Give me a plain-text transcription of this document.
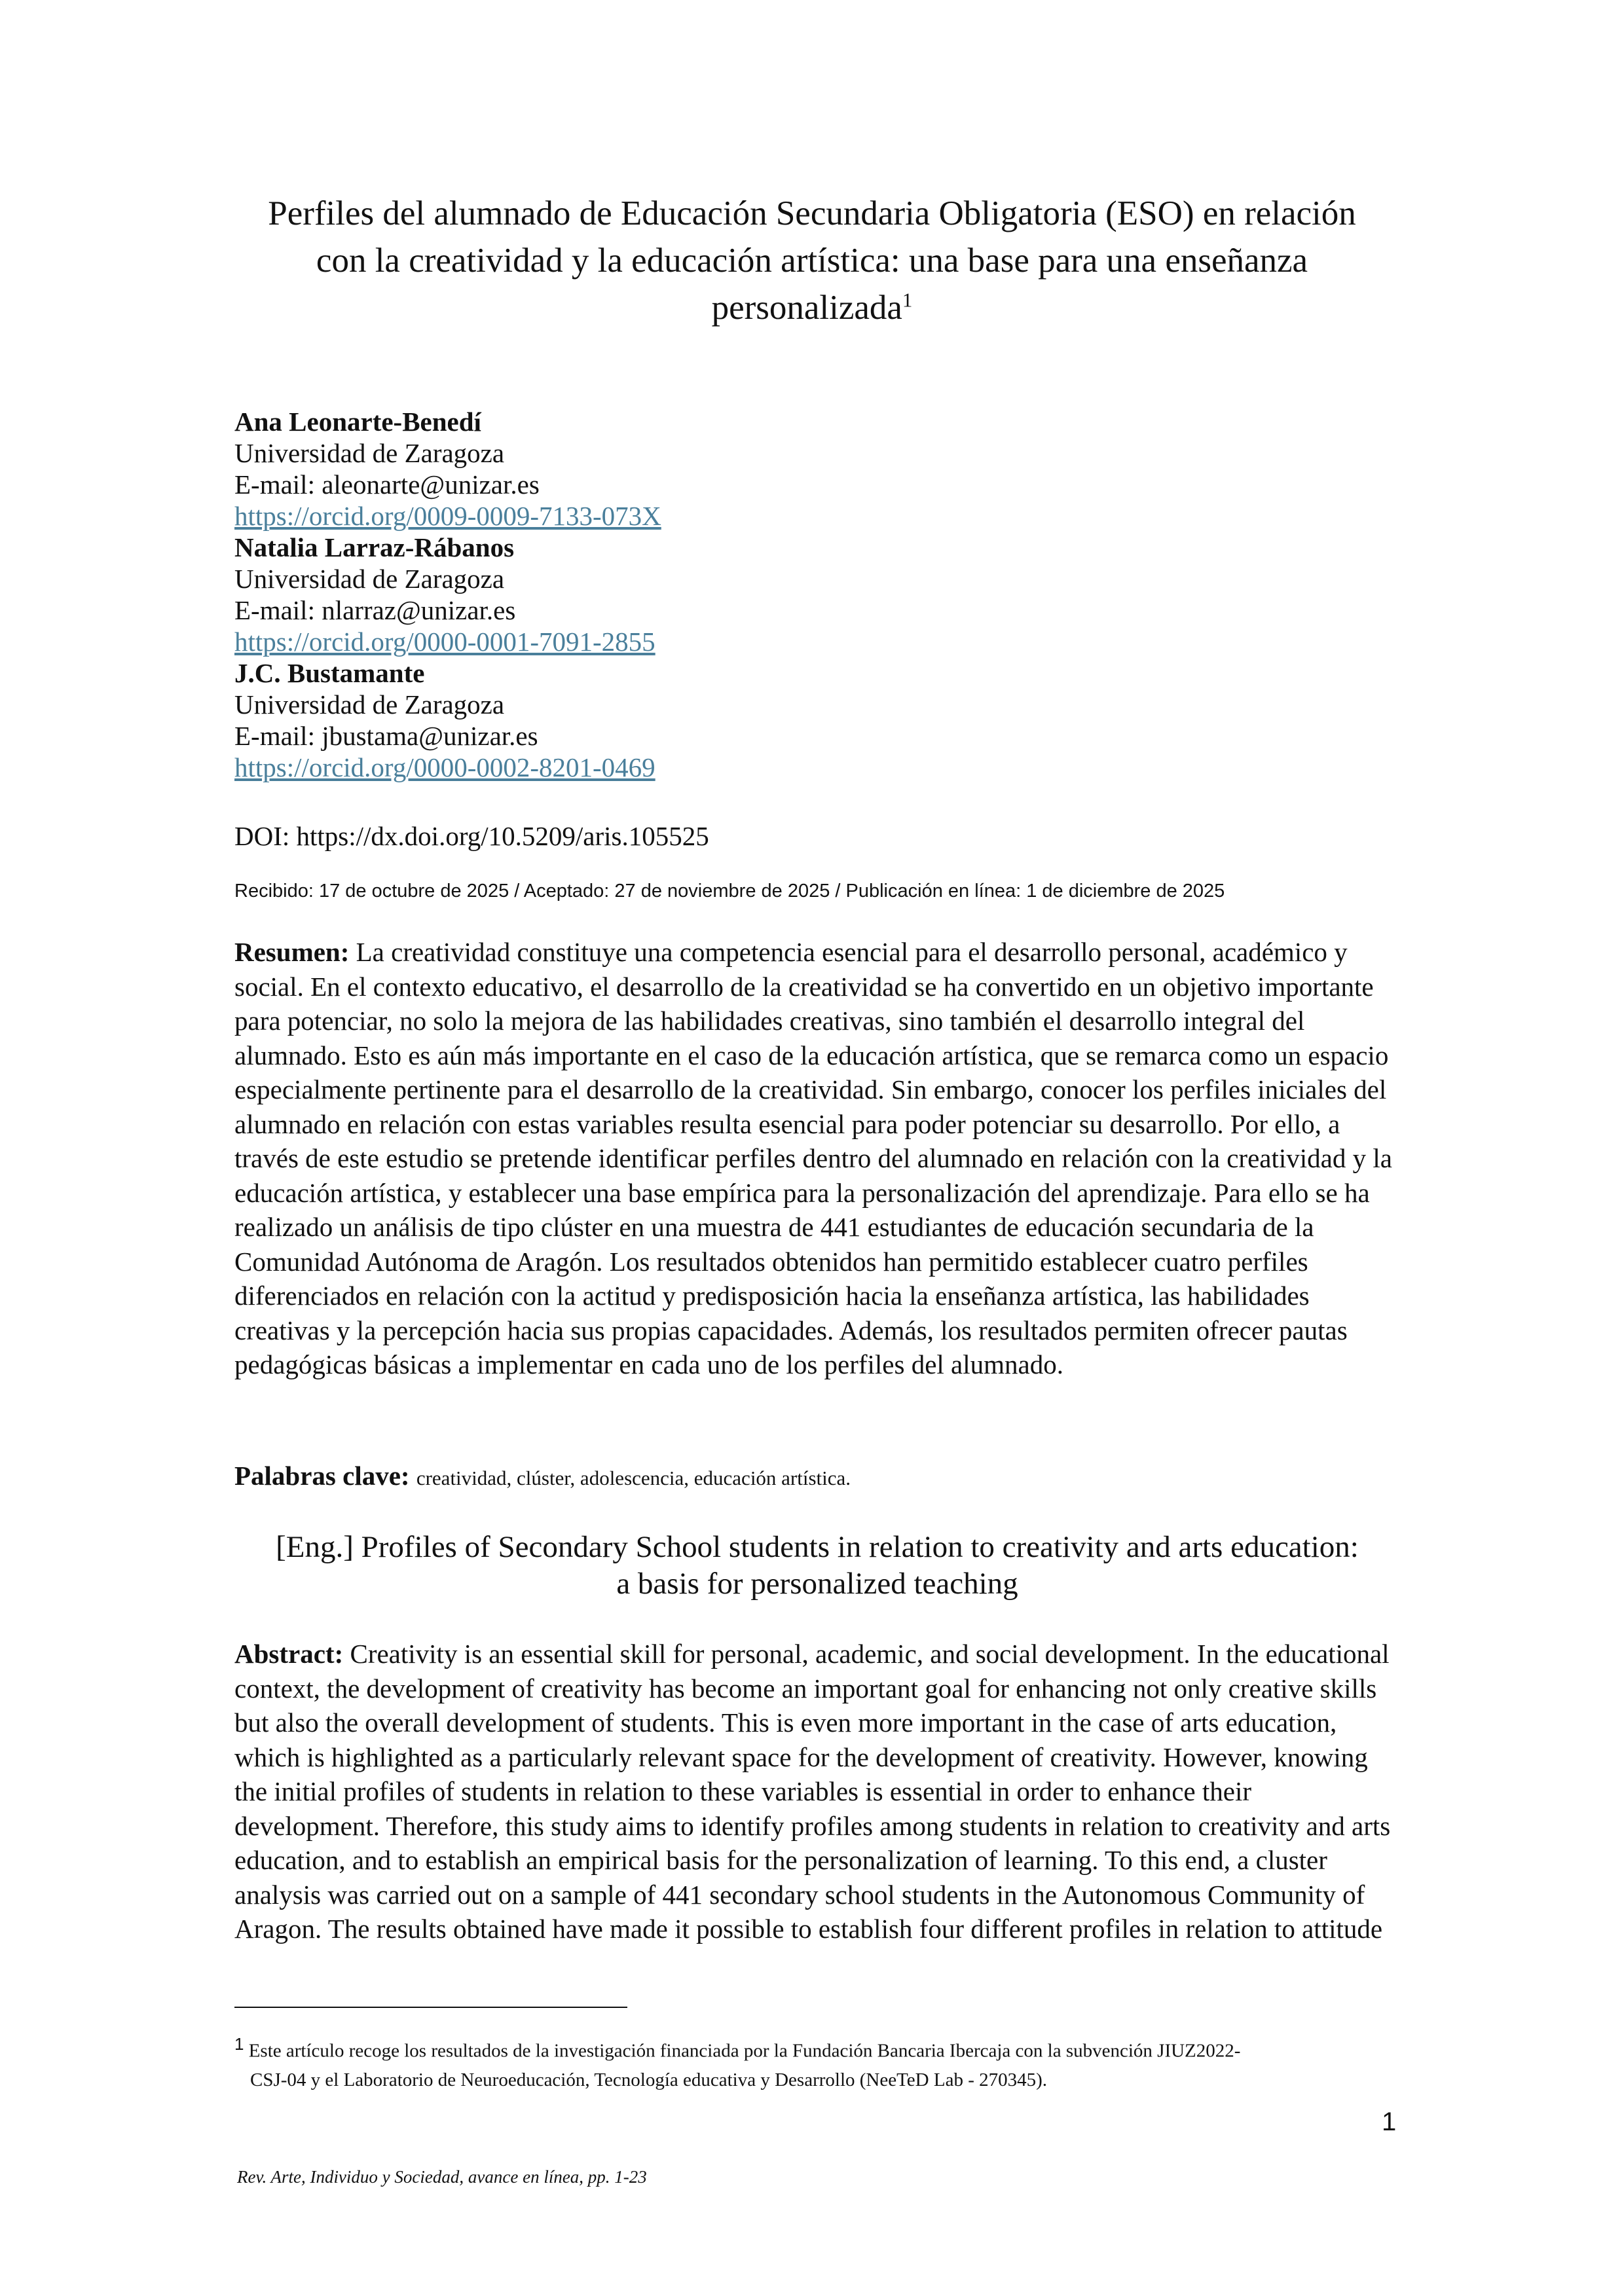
Perfiles del alumnado de Educación Secundaria Obligatoria (ESO) en relación
con la creatividad y la educación artística: una base para una enseñanza
personalizada$^1$
Ana Leonarte-Benedí
Universidad de Zaragoza
E-mail: aleonarte@unizar.es
https://orcid.org/0009-0009-7133-073X
Natalia Larraz-Rábanos
Universidad de Zaragoza
E-mail: nlarraz@unizar.es
https://orcid.org/0000-0001-7091-2855
J.C. Bustamante
Universidad de Zaragoza
E-mail: jbustama@unizar.es
https://orcid.org/0000-0002-8201-0469
DOI: https://dx.doi.org/10.5209/aris.105525
Recibido: 17 de octubre de 2025 / Aceptado: 27 de noviembre de 2025 / Publicación en línea: 1 de diciembre de 2025

Resumen: La creatividad constituye una competencia esencial para el desarrollo personal, académico y social. En el contexto educativo, el desarrollo de la creatividad se ha convertido en un objetivo importante para potenciar, no solo la mejora de las habilidades creativas, sino también el desarrollo integral del alumnado. Esto es aún más importante en el caso de la educación artística, que se remarca como un espacio especialmente pertinente para el desarrollo de la creatividad. Sin embargo, conocer los perfiles iniciales del alumnado en relación con estas variables resulta esencial para poder potenciar su desarrollo. Por ello, a través de este estudio se pretende identificar perfiles dentro del alumnado en relación con la creatividad y la educación artística, y establecer una base empírica para la personalización del aprendizaje. Para ello se ha realizado un análisis de tipo clúster en una muestra de 441 estudiantes de educación secundaria de la Comunidad Autónoma de Aragón. Los resultados obtenidos han permitido establecer cuatro perfiles diferenciados en relación con la actitud y predisposición hacia la enseñanza artística, las habilidades creativas y la percepción hacia sus propias capacidades. Además, los resultados permiten ofrecer pautas pedagógicas básicas a implementar en cada uno de los perfiles del alumnado.

Palabras clave: creatividad, clúster, adolescencia, educación artística.
[Eng.] Profiles of Secondary School students in relation to creativity and arts education:
a basis for personalized teaching

Abstract: Creativity is an essential skill for personal, academic, and social development. In the educational context, the development of creativity has become an important goal for enhancing not only creative skills but also the overall development of students. This is even more important in the case of arts education, which is highlighted as a particularly relevant space for the development of creativity. However, knowing the initial profiles of students in relation to these variables is essential in order to enhance their development. Therefore, this study aims to identify profiles among students in relation to creativity and arts education, and to establish an empirical basis for the personalization of learning. To this end, a cluster analysis was carried out on a sample of 441 secondary school students in the Autonomous Community of Aragon. The results obtained have made it possible to establish four different profiles in relation to attitude

$^1$ Este artículo recoge los resultados de la investigación financiada por la Fundación Bancaria Ibercaja con la subvención JIUZ2022-
CSJ-04 y el Laboratorio de Neuroeducación, Tecnología educativa y Desarrollo (NeeTeD Lab - 270345).
1
Rev. Arte, Individuo y Sociedad, avance en línea, pp. 1-23
